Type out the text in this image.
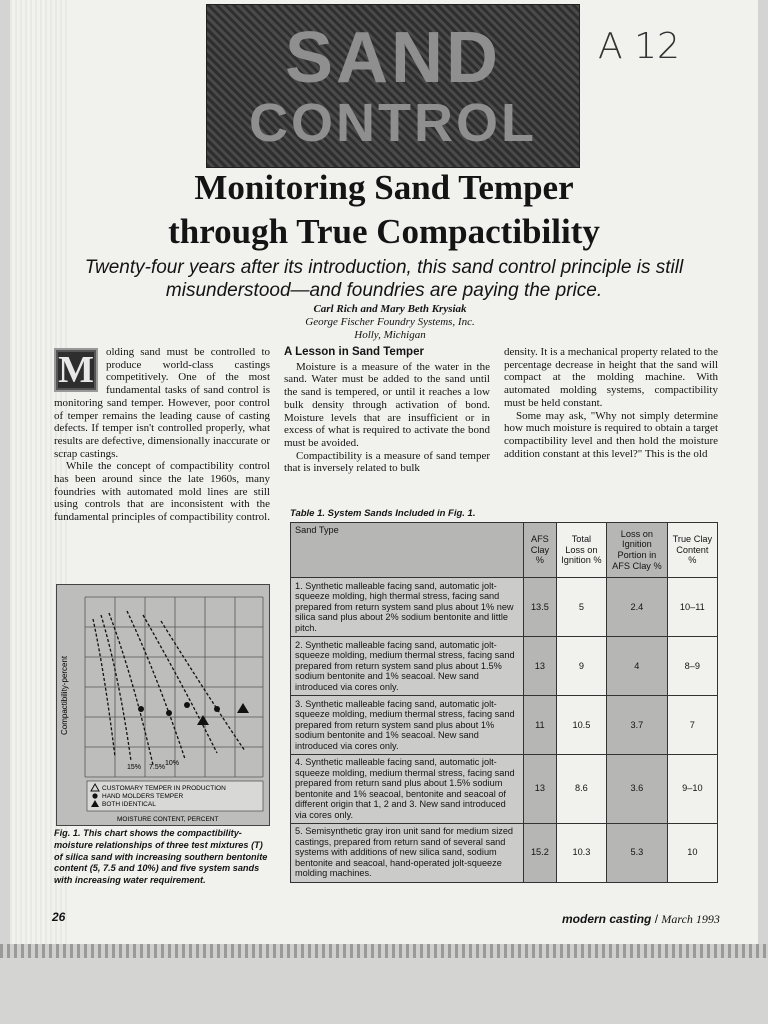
SAND
CONTROL
A 12
Monitoring Sand Temper
through True Compactibility
Twenty-four years after its introduction, this sand control principle is still misunderstood—and foundries are paying the price.
Carl Rich and Mary Beth Krysiak
George Fischer Foundry Systems, Inc.
Holly, Michigan
M	olding sand must be controlled to produce world-class castings competitively. One of the most fundamental tasks of sand control is monitoring sand temper. However, poor control of temper remains the leading cause of casting defects. If temper isn't controlled properly, what results are defective, dimensionally inaccurate or scrap castings.

While the concept of compactibility control has been around since the late 1960s, many foundries with automated mold lines are still using controls that are inconsistent with the fundamental principles of compactibility control.

A Lesson in Sand Temper

Moisture is a measure of the water in the sand. Water must be added to the sand until the sand is tempered, or until it reaches a low bulk density through activation of bond. Moisture levels that are insufficient or in excess of what is required to activate the bond must be avoided.

Compactibility is a measure of sand temper that is inversely related to bulk

density. It is a mechanical property related to the percentage decrease in height that the sand will compact at the molding machine. With automated molding systems, compactibility must be held constant.

Some may ask, "Why not simply determine how much moisture is required to obtain a target compactibility level and then hold the moisture addition constant at this level?" This is the old

Compactibility-percent
15% 7.5%
10%
CUSTOMARY TEMPER IN PRODUCTION
HAND MOLDERS TEMPER
BOTH IDENTICAL
MOISTURE CONTENT, PERCENT
Fig. 1. This chart shows the compactibility-moisture relationships of three test mixtures (T) of silica sand with increasing southern bentonite content (5, 7.5 and 10%) and five system sands with increasing water requirement.
Table 1. System Sands Included in Fig. 1.
Sand Type	AFS Clay %	Total Loss on Ignition %	Loss on Ignition Portion in AFS Clay %	True Clay Content %
1. Synthetic malleable facing sand, automatic jolt-squeeze molding, high thermal stress, facing sand prepared from return system sand plus about 1% new silica sand plus about 2% sodium bentonite and little pitch.	13.5	5	2.4	10–11
2. Synthetic malleable facing sand, automatic jolt-squeeze molding, medium thermal stress, facing sand prepared from return system sand plus about 1.5% sodium bentonite and 1% seacoal. New sand introduced via cores only.	13	9	4	8–9
3. Synthetic malleable facing sand, automatic jolt-squeeze molding, medium thermal stress, facing sand prepared from return system sand plus about 1% sodium bentonite and 1% seacoal. New sand introduced via cores only.	11	10.5	3.7	7
4. Synthetic malleable facing sand, automatic jolt-squeeze molding, medium thermal stress, facing sand prepared from return sand plus about 1.5% sodium bentonite and 1% seacoal, bentonite and seacoal of different origin that 1, 2 and 3. New sand introduced via cores only.	13	8.6	3.6	9–10
5. Semisynthetic gray iron unit sand for medium sized castings, prepared from return sand of several sand systems with additions of new silica sand, sodium bentonite and seacoal, hand-operated jolt-squeeze molding machines.	15.2	10.3	5.3	10
26	modern casting / March 1993
